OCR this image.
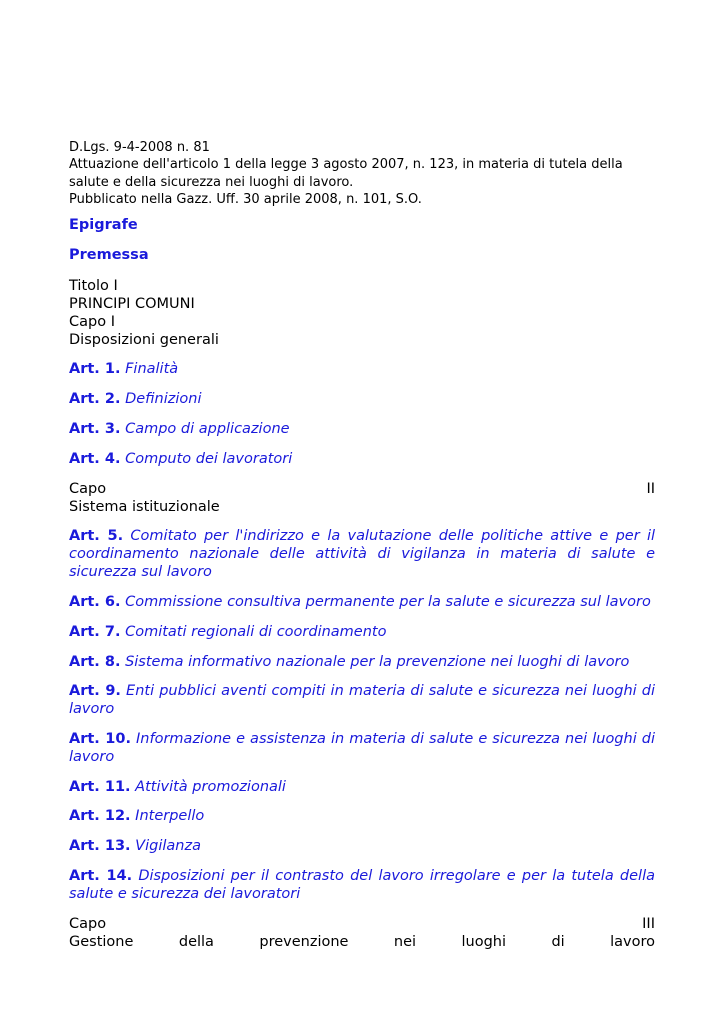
D.Lgs. 9-4-2008 n. 81
Attuazione dell'articolo 1 della legge 3 agosto 2007, n. 123, in materia di tutela della
salute e della sicurezza nei luoghi di lavoro.
Pubblicato nella Gazz. Uff. 30 aprile 2008, n. 101, S.O.
Epigrafe
Premessa
Titolo I
PRINCIPI COMUNI
Capo I
Disposizioni generali
Art. 1. Finalità
Art. 2. Definizioni
Art. 3. Campo di applicazione
Art. 4. Computo dei lavoratori
Capo	II
Sistema istituzionale
Art. 5. Comitato per l'indirizzo e la valutazione delle politiche attive e per il coordinamento nazionale delle attività di vigilanza in materia di salute e sicurezza sul lavoro
Art. 6. Commissione consultiva permanente per la salute e sicurezza sul lavoro
Art. 7. Comitati regionali di coordinamento
Art. 8. Sistema informativo nazionale per la prevenzione nei luoghi di lavoro
Art. 9. Enti pubblici aventi compiti in materia di salute e sicurezza nei luoghi di lavoro
Art. 10. Informazione e assistenza in materia di salute e sicurezza nei luoghi di lavoro
Art. 11. Attività promozionali
Art. 12. Interpello
Art. 13. Vigilanza
Art. 14. Disposizioni per il contrasto del lavoro irregolare e per la tutela della salute e sicurezza dei lavoratori
Capo	III
Gestione	della	prevenzione	nei	luoghi	di	lavoro
